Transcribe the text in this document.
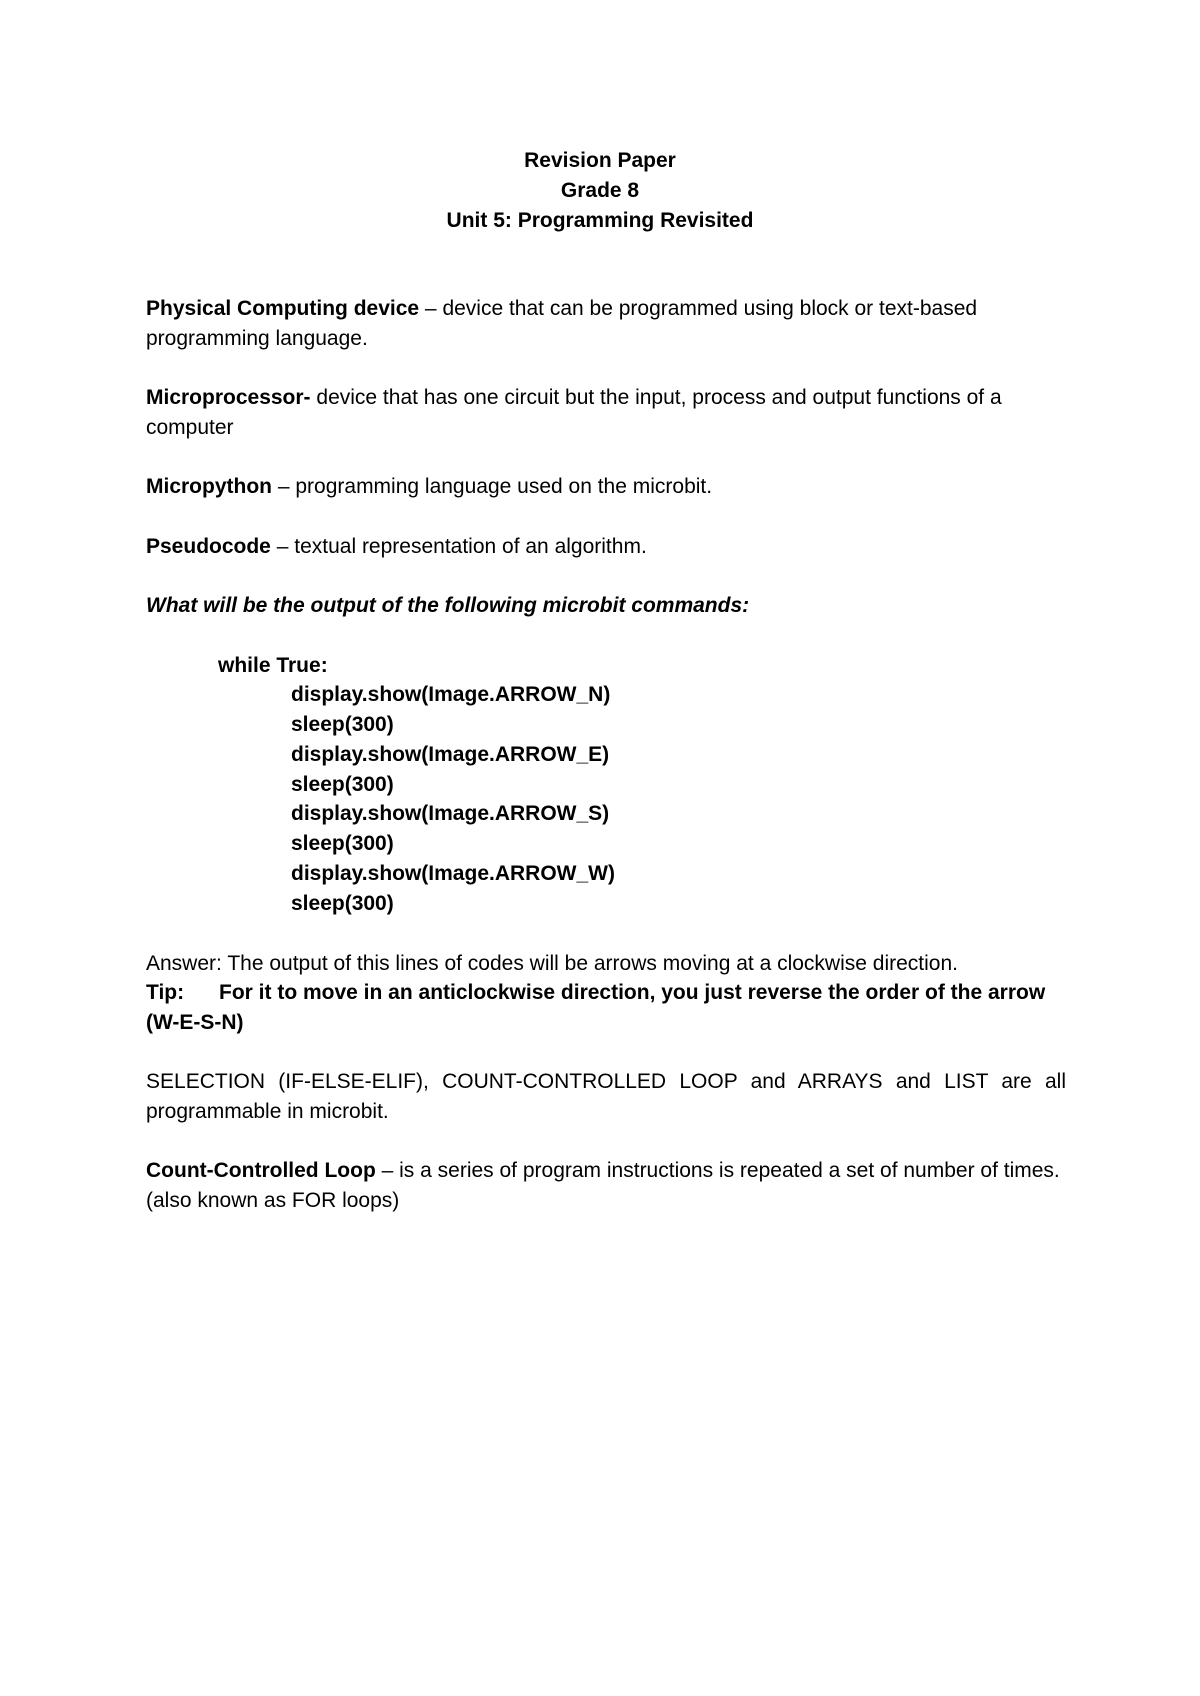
Revision Paper
Grade 8
Unit 5: Programming Revisited

Physical Computing device – device that can be programmed using block or text-based programming language.

Microprocessor- device that has one circuit but the input, process and output functions of a computer

Micropython – programming language used on the microbit.

Pseudocode – textual representation of an algorithm.

What will be the output of the following microbit commands:

while True:
display.show(Image.ARROW_N)
sleep(300)
display.show(Image.ARROW_E)
sleep(300)
display.show(Image.ARROW_S)
sleep(300)
display.show(Image.ARROW_W)
sleep(300)

Answer: The output of this lines of codes will be arrows moving at a clockwise direction.

Tip: For it to move in an anticlockwise direction, you just reverse the order of the arrow (W-E-S-N)

SELECTION (IF-ELSE-ELIF), COUNT-CONTROLLED LOOP and ARRAYS and LIST are all programmable in microbit.

Count-Controlled Loop – is a series of program instructions is repeated a set of number of times. (also known as FOR loops)
